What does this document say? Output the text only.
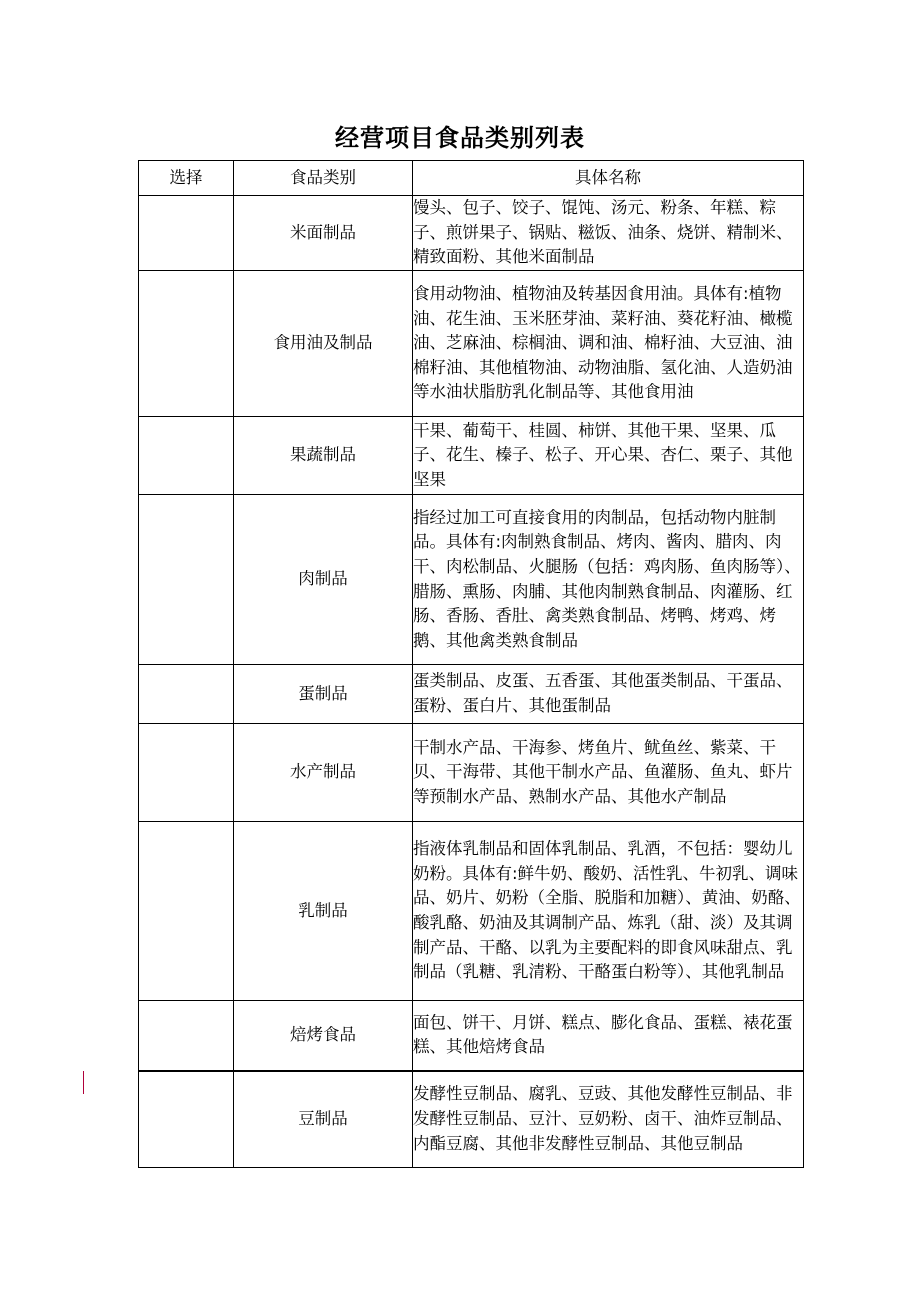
经营项目食品类别列表
选择	食品类别	具体名称
	米面制品	馒头、包子、饺子、馄饨、汤元、粉条、年糕、粽子、煎饼果子、锅贴、糍饭、油条、烧饼、精制米、精致面粉、其他米面制品
	食用油及制品	食用动物油、植物油及转基因食用油。具体有:植物油、花生油、玉米胚芽油、菜籽油、葵花籽油、橄榄油、芝麻油、棕榈油、调和油、棉籽油、大豆油、油棉籽油、其他植物油、动物油脂、氢化油、人造奶油等水油状脂肪乳化制品等、其他食用油
	果蔬制品	干果、葡萄干、桂圆、柿饼、其他干果、坚果、瓜子、花生、榛子、松子、开心果、杏仁、栗子、其他坚果
	肉制品	指经过加工可直接食用的肉制品，包括动物内脏制品。具体有:肉制熟食制品、烤肉、酱肉、腊肉、肉干、肉松制品、火腿肠（包括：鸡肉肠、鱼肉肠等）、腊肠、熏肠、肉脯、其他肉制熟食制品、肉灌肠、红肠、香肠、香肚、禽类熟食制品、烤鸭、烤鸡、烤鹅、其他禽类熟食制品
	蛋制品	蛋类制品、皮蛋、五香蛋、其他蛋类制品、干蛋品、蛋粉、蛋白片、其他蛋制品
	水产制品	干制水产品、干海参、烤鱼片、鱿鱼丝、紫菜、干贝、干海带、其他干制水产品、鱼灌肠、鱼丸、虾片等预制水产品、熟制水产品、其他水产制品
	乳制品	指液体乳制品和固体乳制品、乳酒，不包括：婴幼儿奶粉。具体有:鲜牛奶、酸奶、活性乳、牛初乳、调味品、奶片、奶粉（全脂、脱脂和加糖）、黄油、奶酪、酸乳酪、奶油及其调制产品、炼乳（甜、淡）及其调制产品、干酪、以乳为主要配料的即食风味甜点、乳制品（乳糖、乳清粉、干酪蛋白粉等）、其他乳制品
	焙烤食品	面包、饼干、月饼、糕点、膨化食品、蛋糕、裱花蛋糕、其他焙烤食品
	豆制品	发酵性豆制品、腐乳、豆豉、其他发酵性豆制品、非发酵性豆制品、豆汁、豆奶粉、卤干、油炸豆制品、内酯豆腐、其他非发酵性豆制品、其他豆制品
